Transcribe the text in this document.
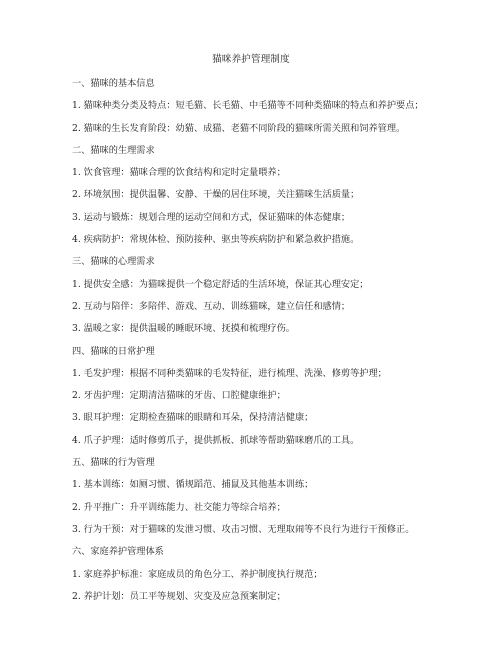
猫咪养护管理制度
一、猫咪的基本信息
1. 猫咪种类分类及特点：短毛猫、长毛猫、中毛猫等不同种类猫咪的特点和养护要点；
2. 猫咪的生长发育阶段：幼猫、成猫、老猫不同阶段的猫咪所需关照和饲养管理。
二、猫咪的生理需求
1. 饮食管理：猫咪合理的饮食结构和定时定量喂养；
2. 环境氛围：提供温馨、安静、干燥的居住环境，关注猫咪生活质量；
3. 运动与锻炼：规划合理的运动空间和方式，保证猫咪的体态健康；
4. 疾病防护：常规体检、预防接种、驱虫等疾病防护和紧急救护措施。
三、猫咪的心理需求
1. 提供安全感：为猫咪提供一个稳定舒适的生活环境，保证其心理安定；
2. 互动与陪伴：多陪伴、游戏、互动、训练猫咪，建立信任和感情；
3. 温暖之家：提供温暖的睡眠环境、抚摸和梳理疗伤。
四、猫咪的日常护理
1. 毛发护理：根据不同种类猫咪的毛发特征，进行梳理、洗澡、修剪等护理；
2. 牙齿护理：定期清洁猫咪的牙齿、口腔健康维护；
3. 眼耳护理：定期检查猫咪的眼睛和耳朵，保持清洁健康；
4. 爪子护理：适时修剪爪子，提供抓板、抓球等帮助猫咪磨爪的工具。
五、猫咪的行为管理
1. 基本训练：如厕习惯、循规蹈范、捕鼠及其他基本训练；
2. 升平推广：升平训练能力、社交能力等综合培养；
3. 行为干预：对于猫咪的发泄习惯、攻击习惯、无理取闹等不良行为进行干预修正。
六、家庭养护管理体系
1. 家庭养护标准：家庭成员的角色分工、养护制度执行规范；
2. 养护计划：员工平等规划、灾变及应急预案制定；
